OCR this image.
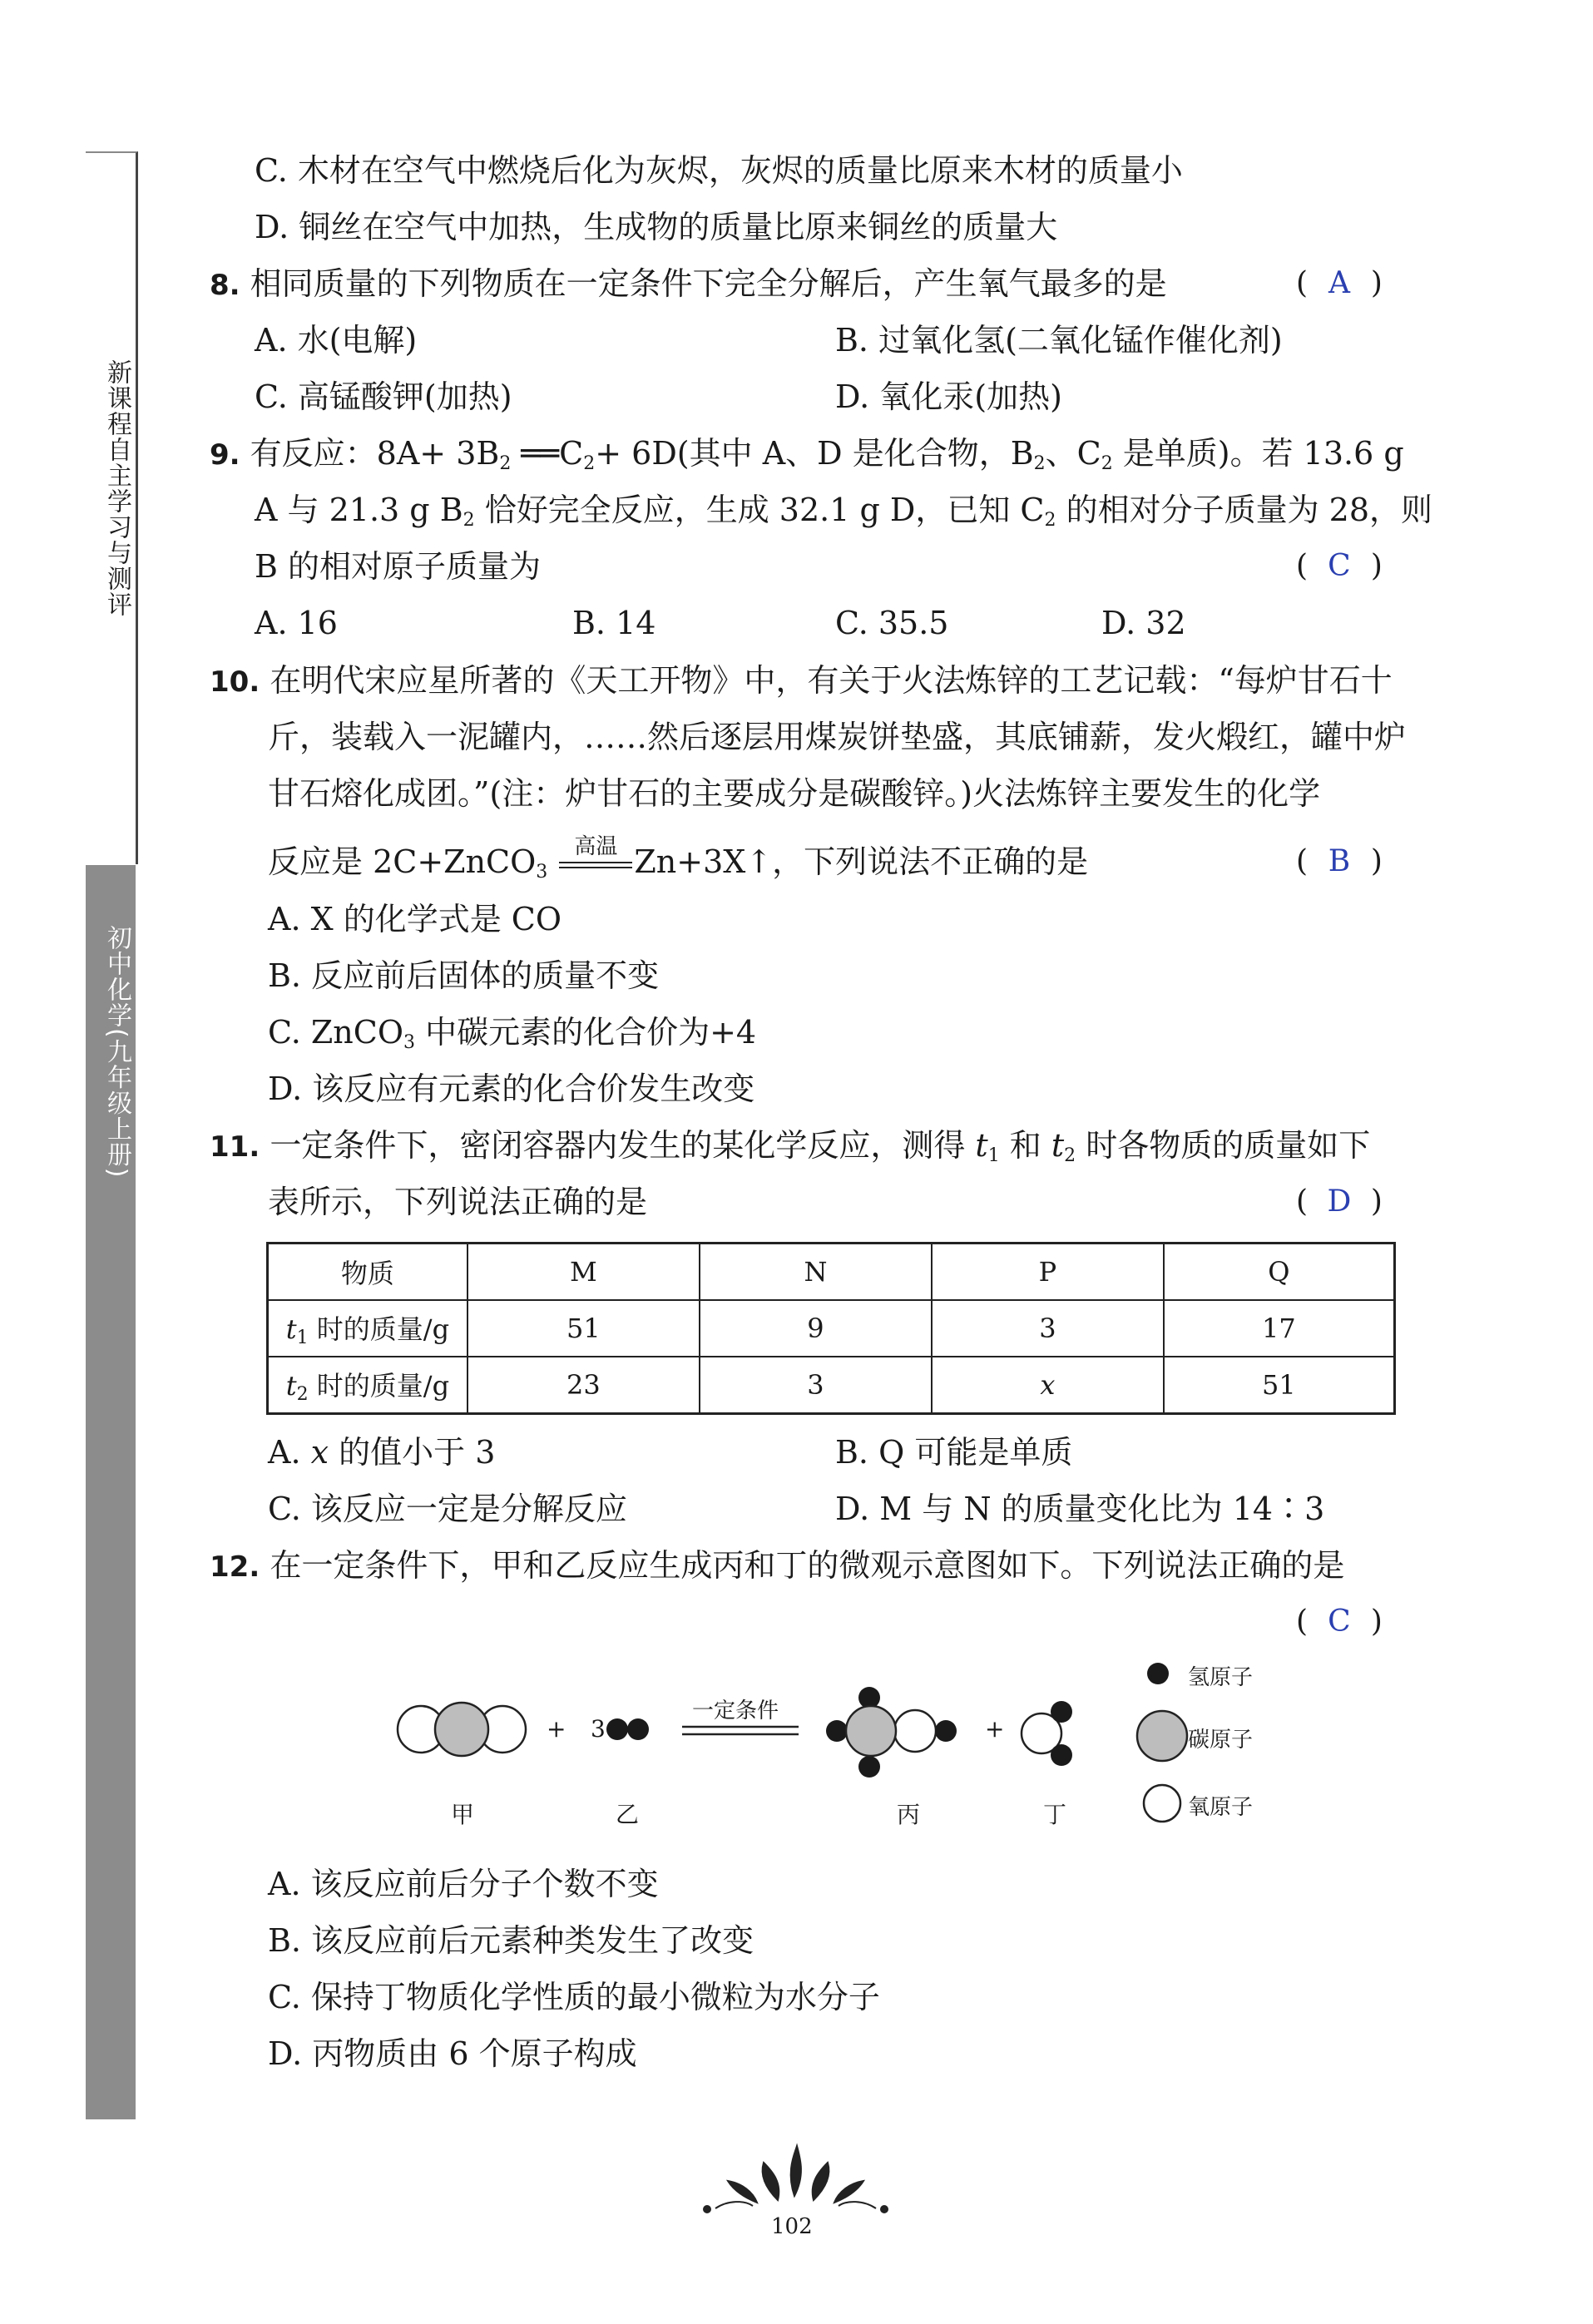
新课程自主学习与测评
初中化学(九年级上册)
C. 木材在空气中燃烧后化为灰烬，灰烬的质量比原来木材的质量小
D. 铜丝在空气中加热，生成物的质量比原来铜丝的质量大
8. 相同质量的下列物质在一定条件下完全分解后，产生氧气最多的是	( A )
A. 水(电解)	B. 过氧化氢(二氧化锰作催化剂)
C. 高锰酸钾(加热)	D. 氧化汞(加热)
9. 有反应：$8A+ 3B_2$ $══C_2+ 6D$(其中 A、D 是化合物，$B_2$、$C_2$ 是单质)。若 13.6 g
A 与 21.3 g $B_2$ 恰好完全反应，生成 32.1 g D，已知 $C_2$ 的相对分子质量为 28，则
B 的相对原子质量为	( C )
A. 16	B. 14	C. 35.5	D. 32
10. 在明代宋应星所著的《天工开物》中，有关于火法炼锌的工艺记载：“每炉甘石十
斤，装载入一泥罐内，……然后逐层用煤炭饼垫盛，其底铺薪，发火煅红，罐中炉
甘石熔化成团。”(注：炉甘石的主要成分是碳酸锌。)火法炼锌主要发生的化学
反应是 2C+ZnCO$_3$
高温 Zn+3X↑，下列说法不正确的是	( B )
A. X 的化学式是 CO
B. 反应前后固体的质量不变
C. ZnCO$_3$ 中碳元素的化合价为+4
D. 该反应有元素的化合价发生改变
11. 一定条件下，密闭容器内发生的某化学反应，测得 $t_1$ 和 $t_2$ 时各物质的质量如下
表所示，下列说法正确的是	( D )
物质	M	N	P	Q
$t_1$ 时的质量/g	51	9	3	17
$t_2$ 时的质量/g	23	3	x	51
A. x 的值小于 3	B. Q 可能是单质
C. 该反应一定是分解反应	D. M 与 N 的质量变化比为 14∶3
12. 在一定条件下，甲和乙反应生成丙和丁的微观示意图如下。下列说法正确的是
( C )
+ 3
一定条件
+
甲	乙	丙	丁
氢原子
碳原子
氧原子
A. 该反应前后分子个数不变
B. 该反应前后元素种类发生了改变
C. 保持丁物质化学性质的最小微粒为水分子
D. 丙物质由 6 个原子构成
102
